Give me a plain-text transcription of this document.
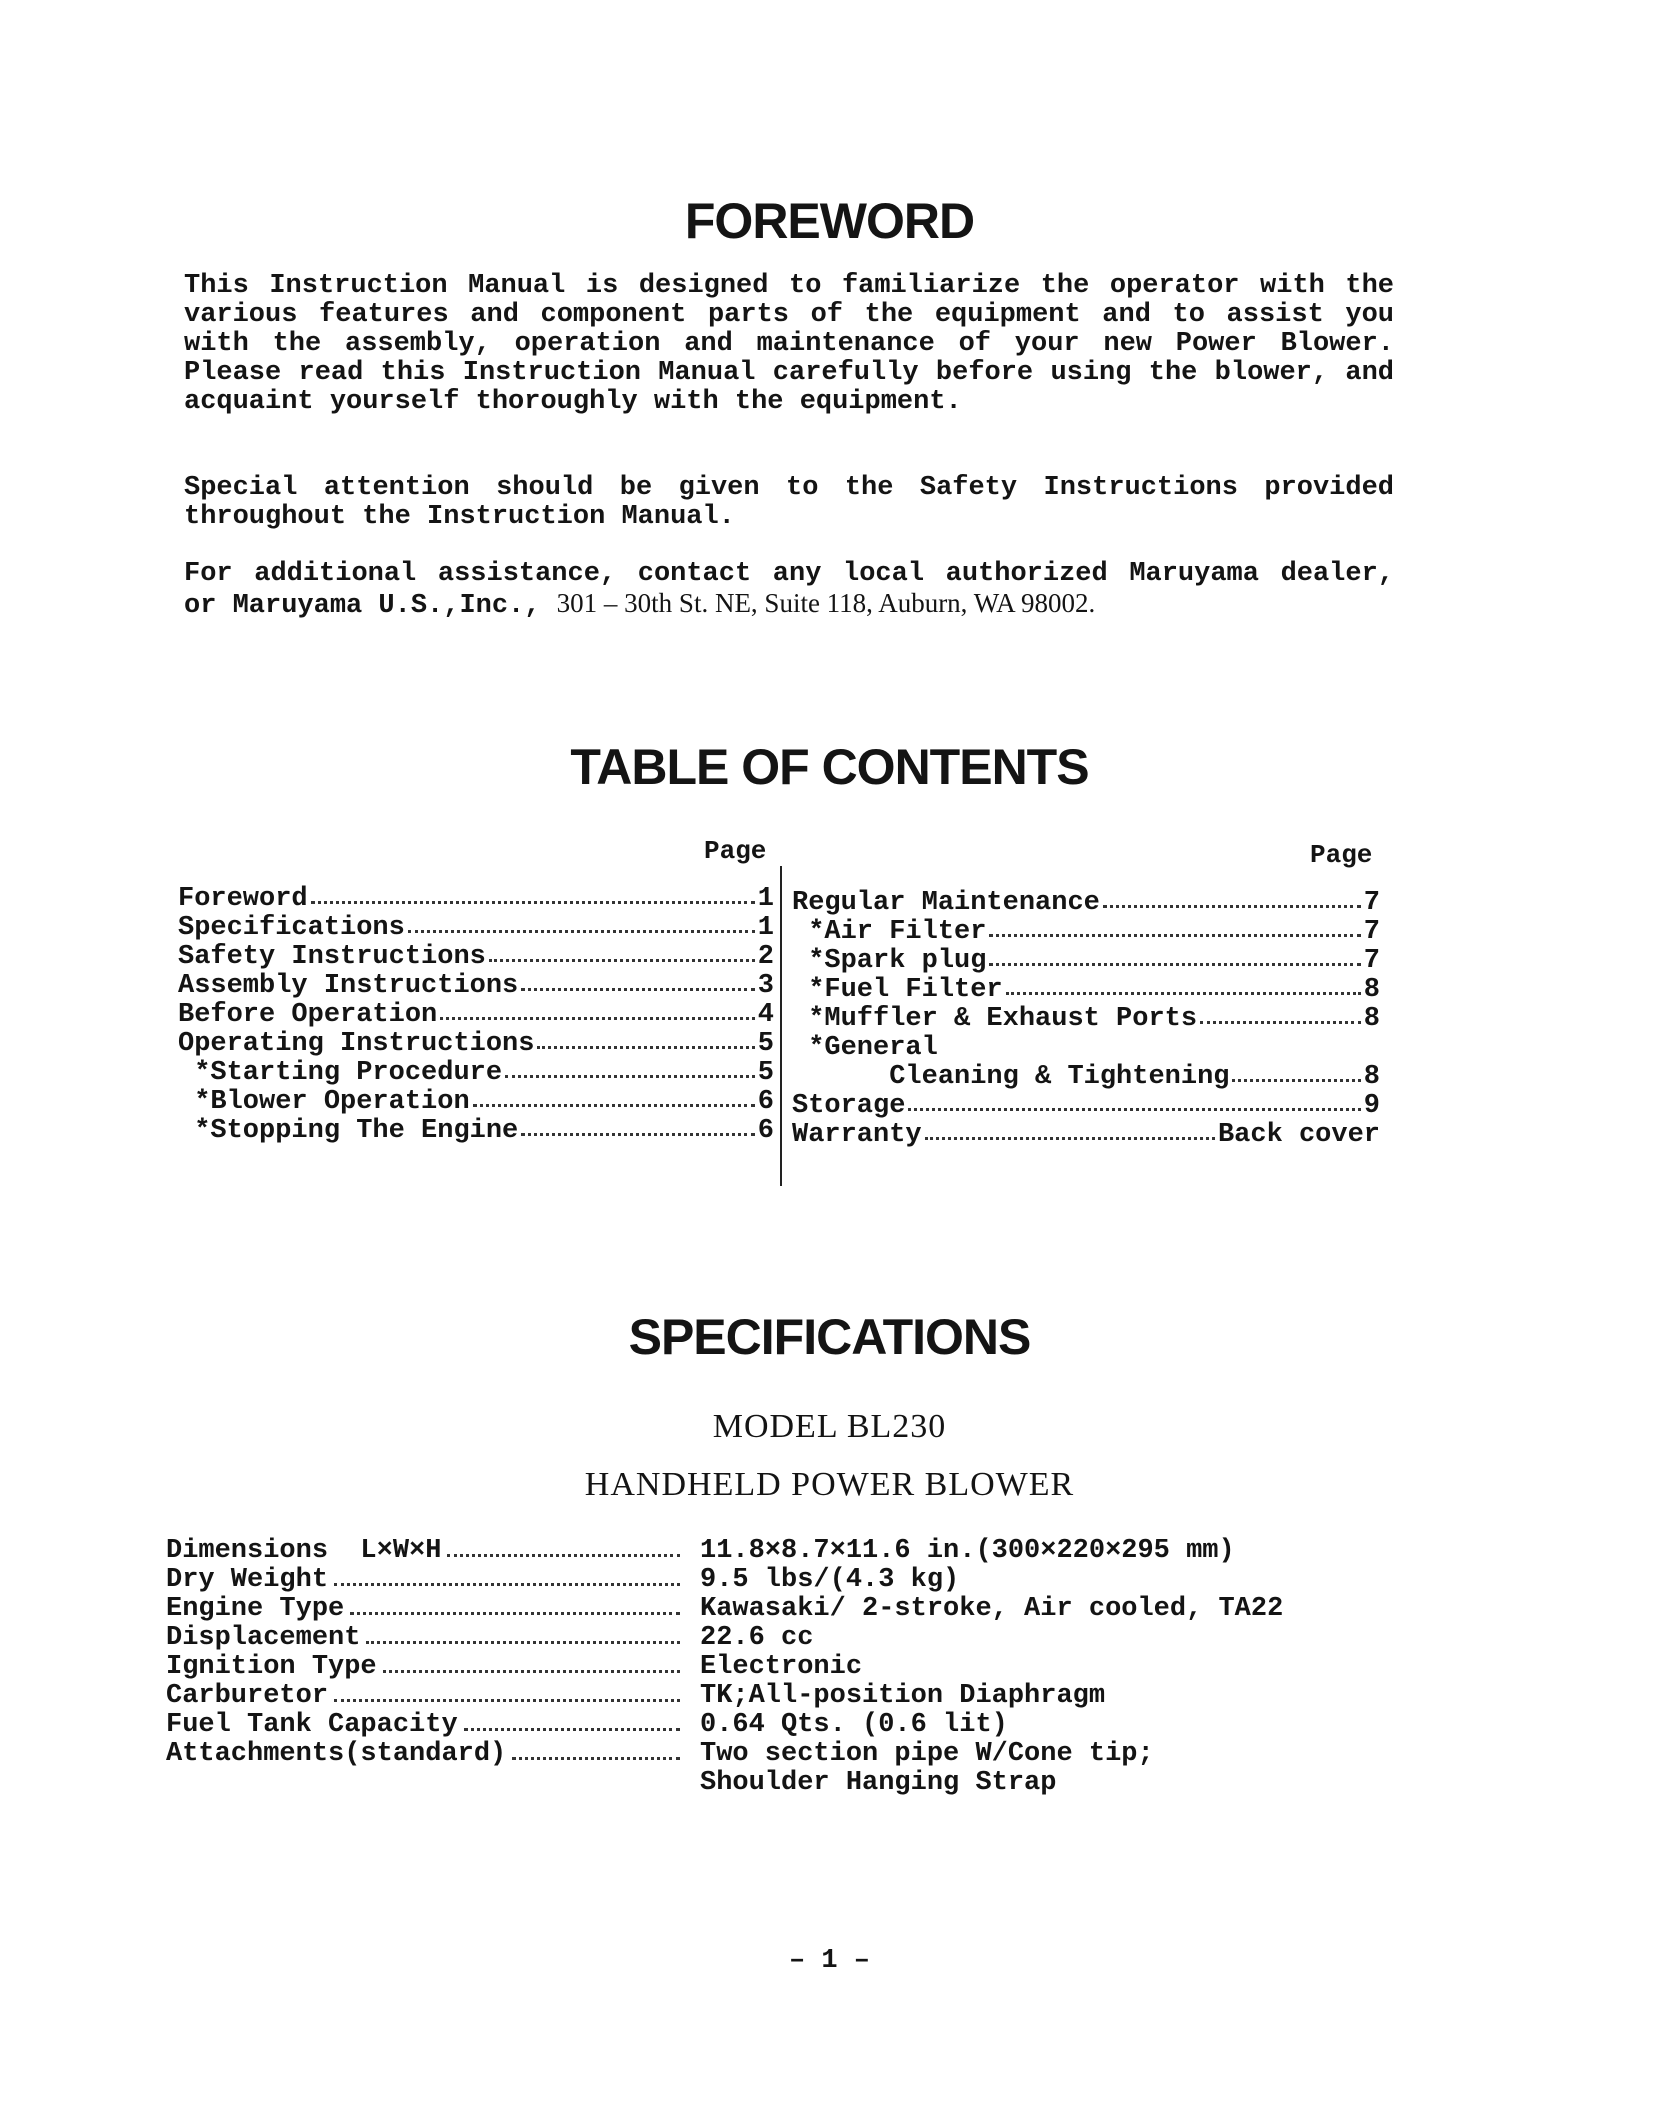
FOREWORD

This Instruction Manual is designed to familiarize the operator with the various features and component parts of the equipment and to assist you with the assembly, operation and maintenance of your new Power Blower. Please read this Instruction Manual carefully before using the blower, and acquaint yourself thoroughly with the equipment.

Special attention should be given to the Safety Instructions provided throughout the Instruction Manual.

For additional assistance, contact any local authorized Maruyama dealer, or Maruyama U.S.,Inc., 301 – 30th St. NE, Suite 118, Auburn, WA 98002.

TABLE OF CONTENTS
Page	Page
Foreword	1
Specifications	1
Safety Instructions	2
Assembly Instructions	3
Before Operation	4
Operating Instructions	5
*Starting Procedure	5
*Blower Operation	6
*Stopping The Engine	6
Regular Maintenance	7
*Air Filter	7
*Spark plug	7
*Fuel Filter	8
*Muffler & Exhaust Ports	8
*General
Cleaning & Tightening	8
Storage	9
Warranty	Back cover
SPECIFICATIONS

MODEL BL230

HANDHELD POWER BLOWER

Dimensions  L×W×H	11.8×8.7×11.6 in.(300×220×295 mm)
Dry Weight	9.5 lbs/(4.3 kg)
Engine Type	Kawasaki/ 2-stroke, Air cooled, TA22
Displacement	22.6 cc
Ignition Type	Electronic
Carburetor	TK;All-position Diaphragm
Fuel Tank Capacity	0.64 Qts. (0.6 lit)
Attachments(standard)	Two section pipe W/Cone tip;
Shoulder Hanging Strap
– 1 –
